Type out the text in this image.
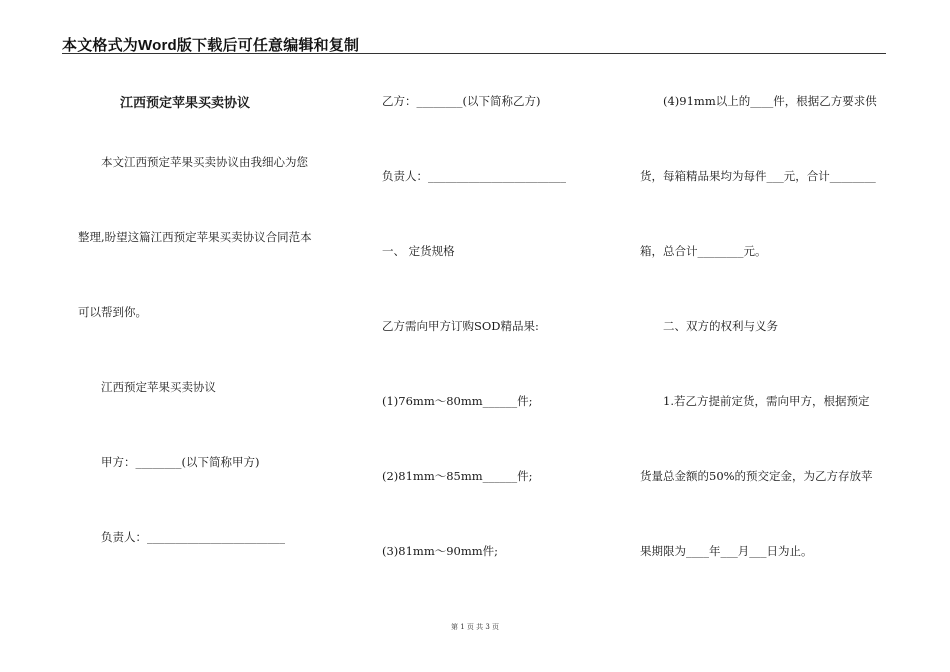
本文格式为Word版下载后可任意编辑和复制
江西预定苹果买卖协议
本文江西预定苹果买卖协议由我细心为您
整理,盼望这篇江西预定苹果买卖协议合同范本
可以帮到你。
江西预定苹果买卖协议
甲方：________(以下简称甲方)
负责人：________________________
乙方：________(以下简称乙方)
负责人：________________________
一、 定货规格
乙方需向甲方订购SOD精品果:
(1)76mm～80mm______件;
(2)81mm～85mm______件;
(3)81mm～90mm件;
(4)91mm以上的____件，根据乙方要求供
货，每箱精品果均为每件___元，合计________
箱，总合计________元。
二、双方的权利与义务
1.若乙方提前定货，需向甲方，根据预定
货量总金额的50%的预交定金，为乙方存放苹
果期限为____年___月___日为止。
第 1 页 共 3 页
